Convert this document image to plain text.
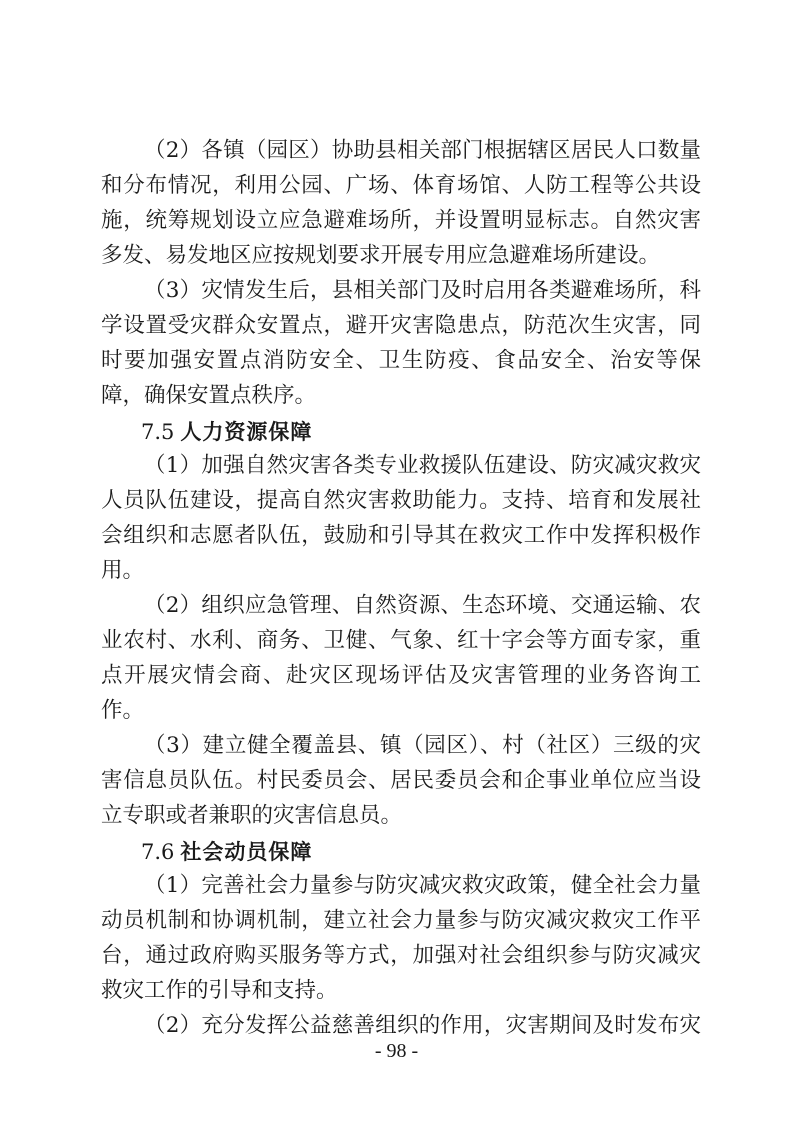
（2）各镇（园区）协助县相关部门根据辖区居民人口数量
和分布情况，利用公园、广场、体育场馆、人防工程等公共设
施，统筹规划设立应急避难场所，并设置明显标志。自然灾害
多发、易发地区应按规划要求开展专用应急避难场所建设。
（3）灾情发生后，县相关部门及时启用各类避难场所，科
学设置受灾群众安置点，避开灾害隐患点，防范次生灾害，同
时要加强安置点消防安全、卫生防疫、食品安全、治安等保
障，确保安置点秩序。
7.5 人力资源保障
（1）加强自然灾害各类专业救援队伍建设、防灾减灾救灾
人员队伍建设，提高自然灾害救助能力。支持、培育和发展社
会组织和志愿者队伍，鼓励和引导其在救灾工作中发挥积极作
用。
（2）组织应急管理、自然资源、生态环境、交通运输、农
业农村、水利、商务、卫健、气象、红十字会等方面专家，重
点开展灾情会商、赴灾区现场评估及灾害管理的业务咨询工
作。
（3）建立健全覆盖县、镇（园区）、村（社区）三级的灾
害信息员队伍。村民委员会、居民委员会和企事业单位应当设
立专职或者兼职的灾害信息员。
7.6 社会动员保障
（1）完善社会力量参与防灾减灾救灾政策，健全社会力量
动员机制和协调机制，建立社会力量参与防灾减灾救灾工作平
台，通过政府购买服务等方式，加强对社会组织参与防灾减灾
救灾工作的引导和支持。
（2）充分发挥公益慈善组织的作用，灾害期间及时发布灾
- 98 -
